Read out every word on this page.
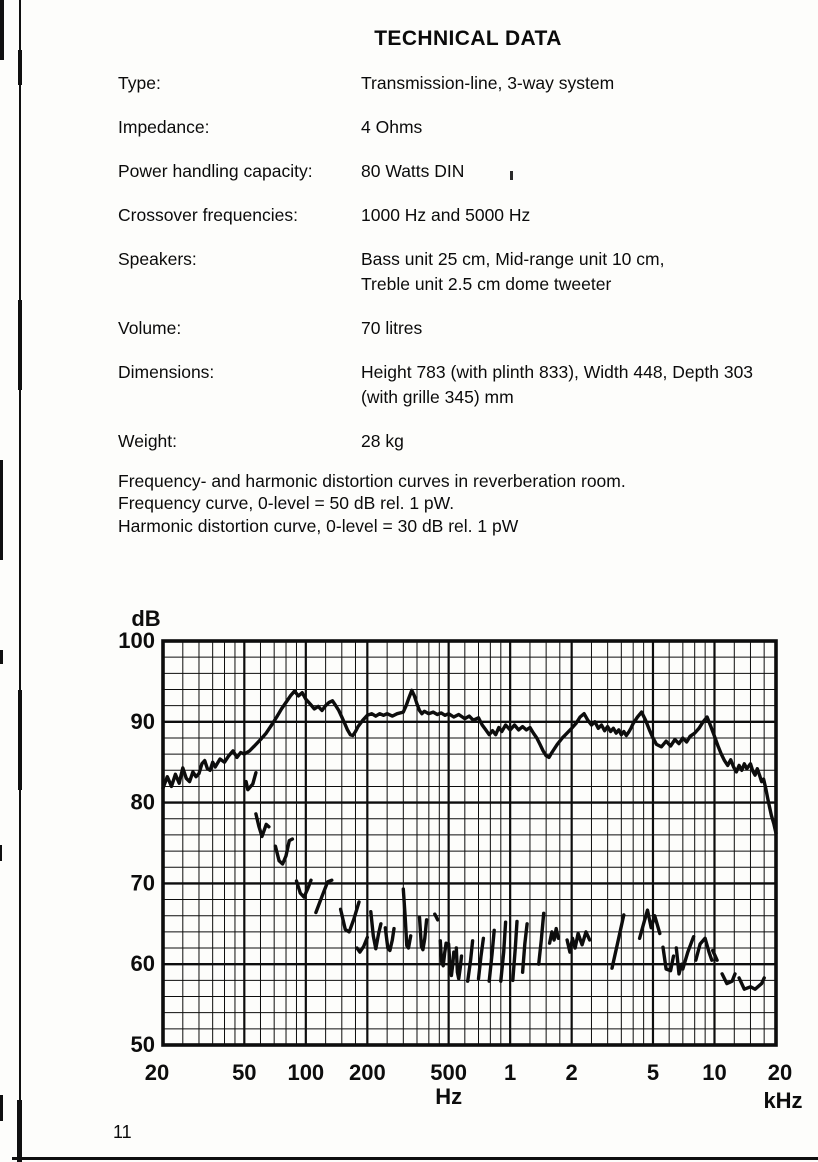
TECHNICAL DATA
Type:	Transmission-line, 3-way system
Impedance:	4 Ohms
Power handling capacity:	80 Watts DIN
Crossover frequencies:	1000 Hz and 5000 Hz
Speakers:	Bass unit 25 cm, Mid-range unit 10 cm,
Treble unit 2.5 cm dome tweeter
Volume:	70 litres
Dimensions:	Height 783 (with plinth 833), Width 448, Depth 303
(with grille 345) mm
Weight:	28 kg
Frequency- and harmonic distortion curves in reverberation room.
Frequency curve, 0-level = 50 dB rel. 1 pW.
Harmonic distortion curve, 0-level = 30 dB rel. 1 pW
dB
100
90
80
70
60
50
20	50 100 200 500 1 2	5 10 20
Hz	kHz
11
